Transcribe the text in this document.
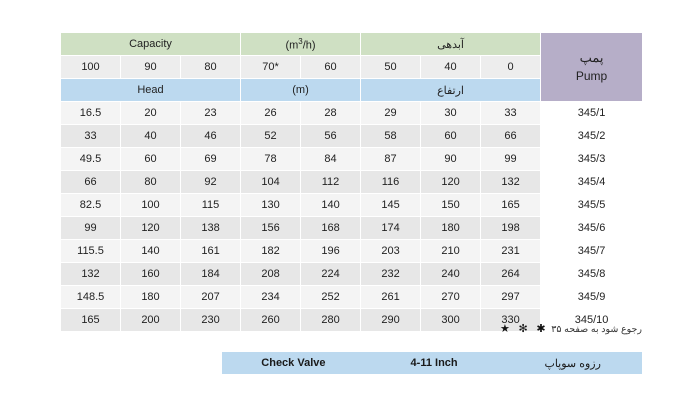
Capacity			$(m^3/h)$		آبدهی			پمپ
Pump

100	90	80	70*	60	50	40	0	
Head			(m)		ارتفاع			
16.5	20	23	26	28	29	30	33	345/1
33	40	46	52	56	58	60	66	345/2
49.5	60	69	78	84	87	90	99	345/3
66	80	92	104	112	116	120	132	345/4
82.5	100	115	130	140	145	150	165	345/5
99	120	138	156	168	174	180	198	345/6
115.5	140	161	182	196	203	210	231	345/7
132	160	184	208	224	232	240	264	345/8
148.5	180	207	234	252	261	270	297	345/9
165	200	230	260	280	290	300	330	345/10
رجوع شود به صفحه ۳۵ ✱ ✻ ★
Check Valve	4-11 Inch	رزوه سوپاپ
